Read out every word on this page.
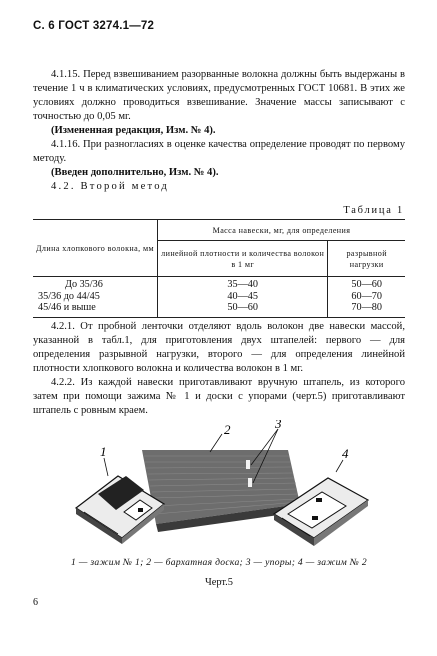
С. 6 ГОСТ 3274.1—72

4.1.15. Перед взвешиванием разорванные волокна должны быть выдержаны в течение 1 ч в климатических условиях, предусмотренных ГОСТ 10681. В этих же условиях должно проводиться взвешивание. Значение массы записывают с точностью до 0,05 мг.

(Измененная редакция, Изм. № 4).

4.1.16. При разногласиях в оценке качества определение проводят по первому методу.

(Введен дополнительно, Изм. № 4).

4.2. Второй метод

Таблица 1
Длина хлопкового волокна, мм	Масса навески, мг, для определения	
	линейной плотности и количества волокон в 1 мг	разрывной нагрузки
До 35/36	35—40	50—60
35/36 до 44/45	40—45	60—70
45/46 и выше	50—60	70—80

4.2.1. От пробной ленточки отделяют вдоль волокон две навески массой, указанной в табл.1, для приготовления двух штапелей: первого — для определения разрывной нагрузки, второго — для определения линейной плотности хлопкового волокна и количества волокон в 1 мг.

4.2.2. Из каждой навески приготавливают вручную штапель, из которого затем при помощи зажима № 1 и доски с упорами (черт.5) приготавливают штапель с ровным краем.

1
2	3
4
1 — зажим № 1; 2 — бархатная доска; 3 — упоры; 4 — зажим № 2
Черт.5
6
